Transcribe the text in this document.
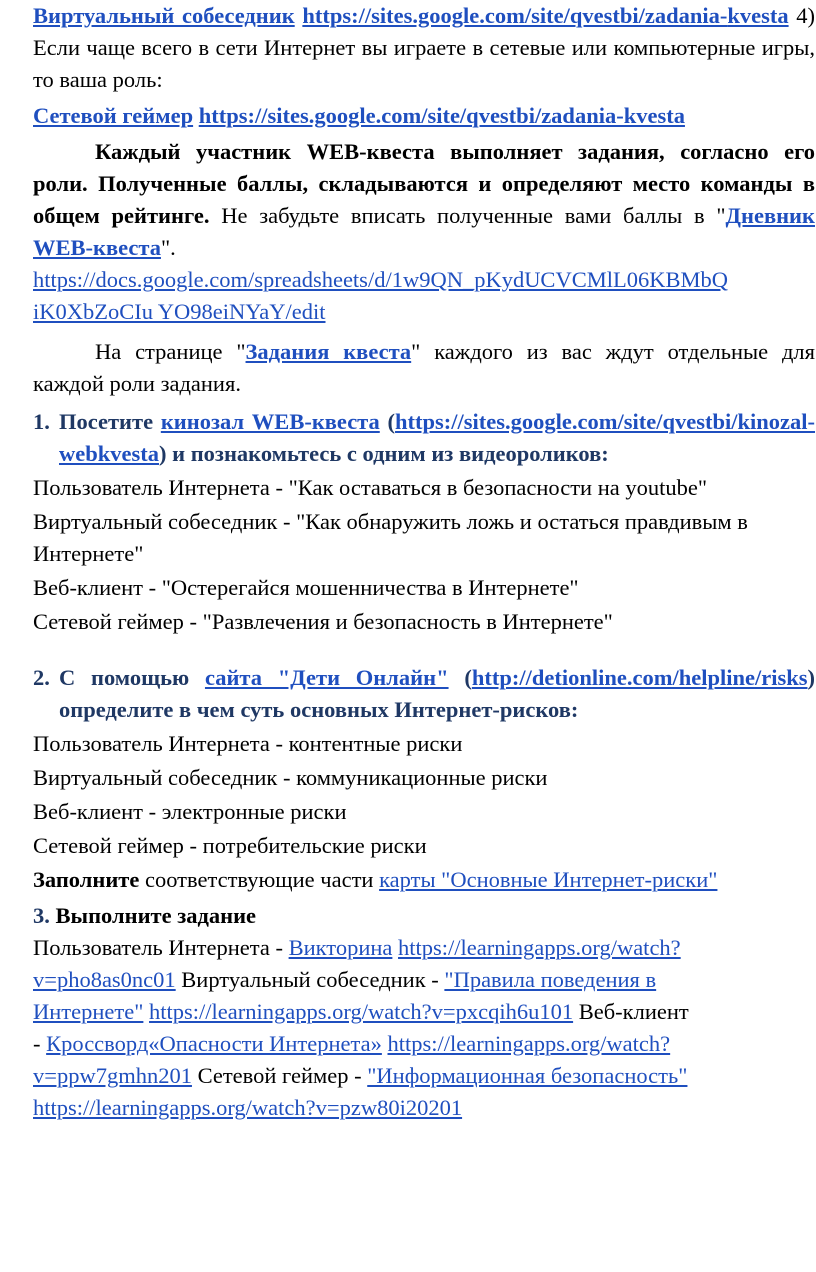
Виртуальный собеседник https://sites.google.com/site/qvestbi/zadania-kvesta 4) Если чаще всего в сети Интернет вы играете в сетевые или компьютерные игры, то ваша роль:

Сетевой геймер https://sites.google.com/site/qvestbi/zadania-kvesta

Каждый участник WEB-квеста выполняет задания, согласно его роли. Полученные баллы, складываются и определяют место команды в общем рейтинге. Не забудьте вписать полученные вами баллы в "Дневник WEB-квеста".

https://docs.google.com/spreadsheets/d/1w9QN_pKydUCVCMlL06KBMbQ
iK0XbZoCIu YO98eiNYaY/edit

На странице "Задания квеста" каждого из вас ждут отдельные для каждой роли задания.

1. Посетите кинозал WEB-квеста (https://sites.google.com/site/qvestbi/kinozal-webkvesta) и познакомьтесь с одним из видеороликов:

Пользователь Интернета - "Как оставаться в безопасности на youtube"

Виртуальный собеседник - "Как обнаружить ложь и остаться правдивым в Интернете"

Веб-клиент - "Остерегайся мошенничества в Интернете"

Сетевой геймер - "Развлечения и безопасность в Интернете"

2. С помощью сайта "Дети Онлайн" (http://detionline.com/helpline/risks) определите в чем суть основных Интернет-рисков:

Пользователь Интернета - контентные риски

Виртуальный собеседник - коммуникационные риски

Веб-клиент - электронные риски

Сетевой геймер - потребительские риски

Заполните соответствующие части карты "Основные Интернет-риски"

3. Выполните задание

Пользователь Интернета - Викторина https://learningapps.org/watch?v=pho8as0nc01 Виртуальный собеседник - "Правила поведения в Интернете" https://learningapps.org/watch?v=pxcqih6u101 Веб-клиент - Кроссворд«Опасности Интернета» https://learningapps.org/watch?v=ppw7gmhn201 Сетевой геймер - "Информационная безопасность" https://learningapps.org/watch?v=pzw80i20201
